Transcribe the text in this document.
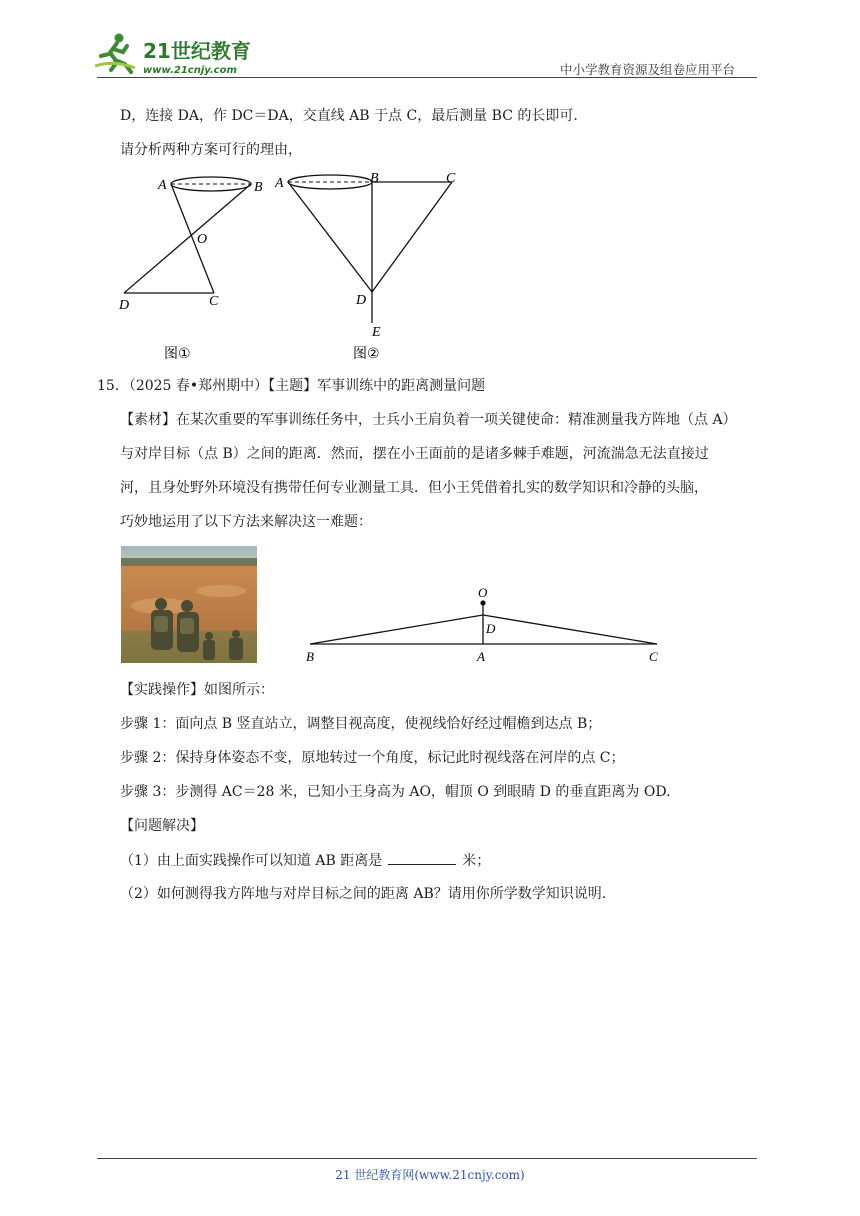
21世纪教育
www.21cnjy.com	中小学教育资源及组卷应用平台
D，连接 DA，作 DC＝DA，交直线 AB 于点 C，最后测量 BC 的长即可.
请分析两种方案可行的理由，
A	B
O
D	C
图①
A	B	C
D
E
图②
15．（2025 春•郑州期中）【主题】军事训练中的距离测量问题
【素材】在某次重要的军事训练任务中，士兵小王肩负着一项关键使命：精准测量我方阵地（点 A）
与对岸目标（点 B）之间的距离．然而，摆在小王面前的是诸多棘手难题，河流湍急无法直接过
河，且身处野外环境没有携带任何专业测量工具．但小王凭借着扎实的数学知识和冷静的头脑，
巧妙地运用了以下方法来解决这一难题：
O
D
B	A	C
【实践操作】如图所示：
步骤 1：面向点 B 竖直站立，调整目视高度，使视线恰好经过帽檐到达点 B；
步骤 2：保持身体姿态不变，原地转过一个角度，标记此时视线落在河岸的点 C；
步骤 3：步测得 AC＝28 米，已知小王身高为 AO，帽顶 O 到眼睛 D 的垂直距离为 OD.
【问题解决】
（1）由上面实践操作可以知道 AB 距离是	米；
（2）如何测得我方阵地与对岸目标之间的距离 AB？请用你所学数学知识说明.
21 世纪教育网(www.21cnjy.com)
